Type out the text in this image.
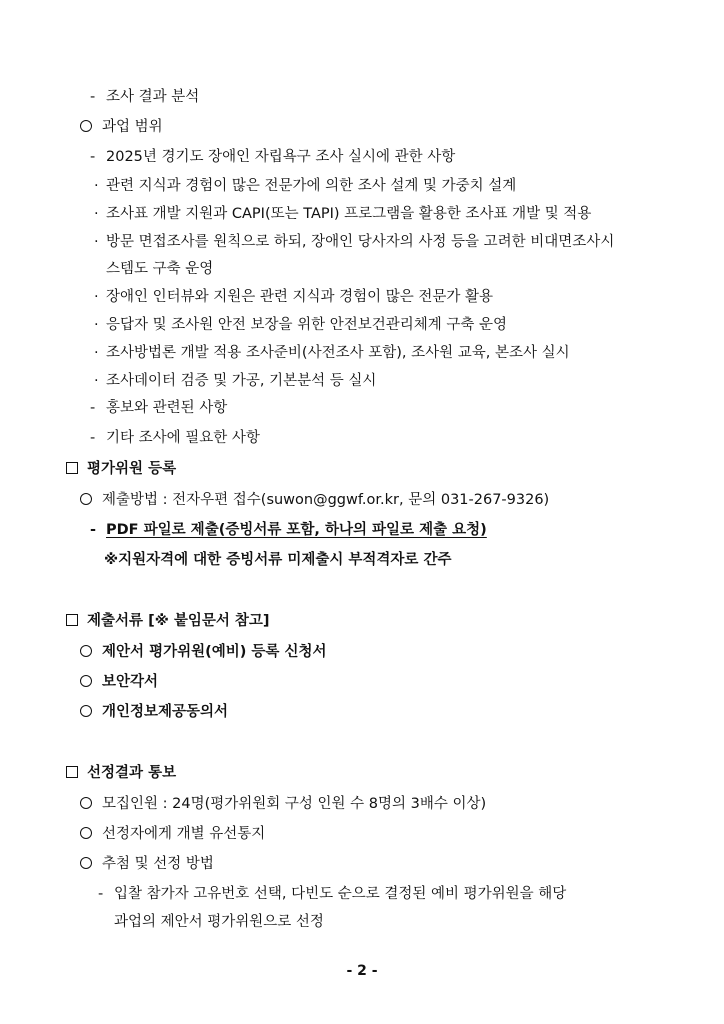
- 조사 결과 분석
과업 범위
- 2025년 경기도 장애인 자립욕구 조사 실시에 관한 사항
· 관련 지식과 경험이 많은 전문가에 의한 조사 설계 및 가중치 설계
· 조사표 개발 지원과 CAPI(또는 TAPI) 프로그램을 활용한 조사표 개발 및 적용
· 방문 면접조사를 원칙으로 하되, 장애인 당사자의 사정 등을 고려한 비대면조사시
스템도 구축 운영
· 장애인 인터뷰와 지원은 관련 지식과 경험이 많은 전문가 활용
· 응답자 및 조사원 안전 보장을 위한 안전보건관리체계 구축 운영
· 조사방법론 개발 적용 조사준비(사전조사 포함), 조사원 교육, 본조사 실시
· 조사데이터 검증 및 가공, 기본분석 등 실시
- 홍보와 관련된 사항
- 기타 조사에 필요한 사항
평가위원 등록
제출방법 : 전자우편 접수(suwon@ggwf.or.kr, 문의 031-267-9326)
- PDF 파일로 제출(증빙서류 포함, 하나의 파일로 제출 요청)
※지원자격에 대한 증빙서류 미제출시 부적격자로 간주
제출서류 [※ 붙임문서 참고]
제안서 평가위원(예비) 등록 신청서
보안각서
개인정보제공동의서
선정결과 통보
모집인원 : 24명(평가위원회 구성 인원 수 8명의 3배수 이상)
선정자에게 개별 유선통지
추첨 및 선정 방법
- 입찰 참가자 고유번호 선택, 다빈도 순으로 결정된 예비 평가위원을 해당
과업의 제안서 평가위원으로 선정
- 2 -
